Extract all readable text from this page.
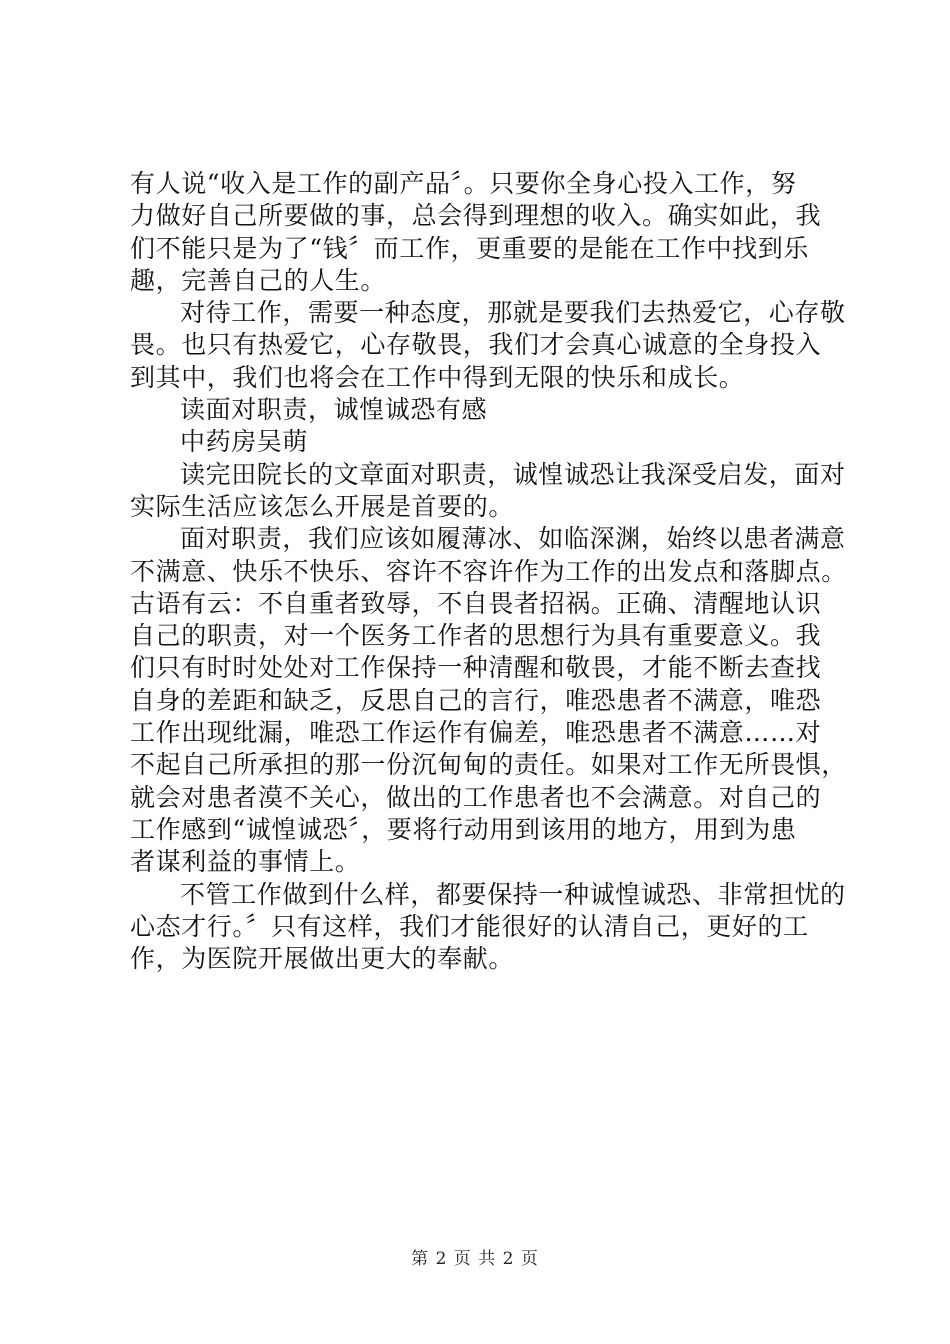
有人说“收入是工作的副产品〞。只要你全身心投入工作，努
力做好自己所要做的事，总会得到理想的收入。确实如此，我
们不能只是为了“钱〞而工作，更重要的是能在工作中找到乐
趣，完善自己的人生。
对待工作，需要一种态度，那就是要我们去热爱它，心存敬
畏。也只有热爱它，心存敬畏，我们才会真心诚意的全身投入
到其中，我们也将会在工作中得到无限的快乐和成长。
读面对职责，诚惶诚恐有感
中药房吴萌
读完田院长的文章面对职责，诚惶诚恐让我深受启发，面对
实际生活应该怎么开展是首要的。
面对职责，我们应该如履薄冰、如临深渊，始终以患者满意
不满意、快乐不快乐、容许不容许作为工作的出发点和落脚点。
古语有云：不自重者致辱，不自畏者招祸。正确、清醒地认识
自己的职责，对一个医务工作者的思想行为具有重要意义。我
们只有时时处处对工作保持一种清醒和敬畏，才能不断去查找
自身的差距和缺乏，反思自己的言行，唯恐患者不满意，唯恐
工作出现纰漏，唯恐工作运作有偏差，唯恐患者不满意……对
不起自己所承担的那一份沉甸甸的责任。如果对工作无所畏惧，
就会对患者漠不关心，做出的工作患者也不会满意。对自己的
工作感到“诚惶诚恐〞，要将行动用到该用的地方，用到为患
者谋利益的事情上。
不管工作做到什么样，都要保持一种诚惶诚恐、非常担忧的
心态才行。〞只有这样，我们才能很好的认清自己，更好的工
作，为医院开展做出更大的奉献。
第 2 页 共 2 页
